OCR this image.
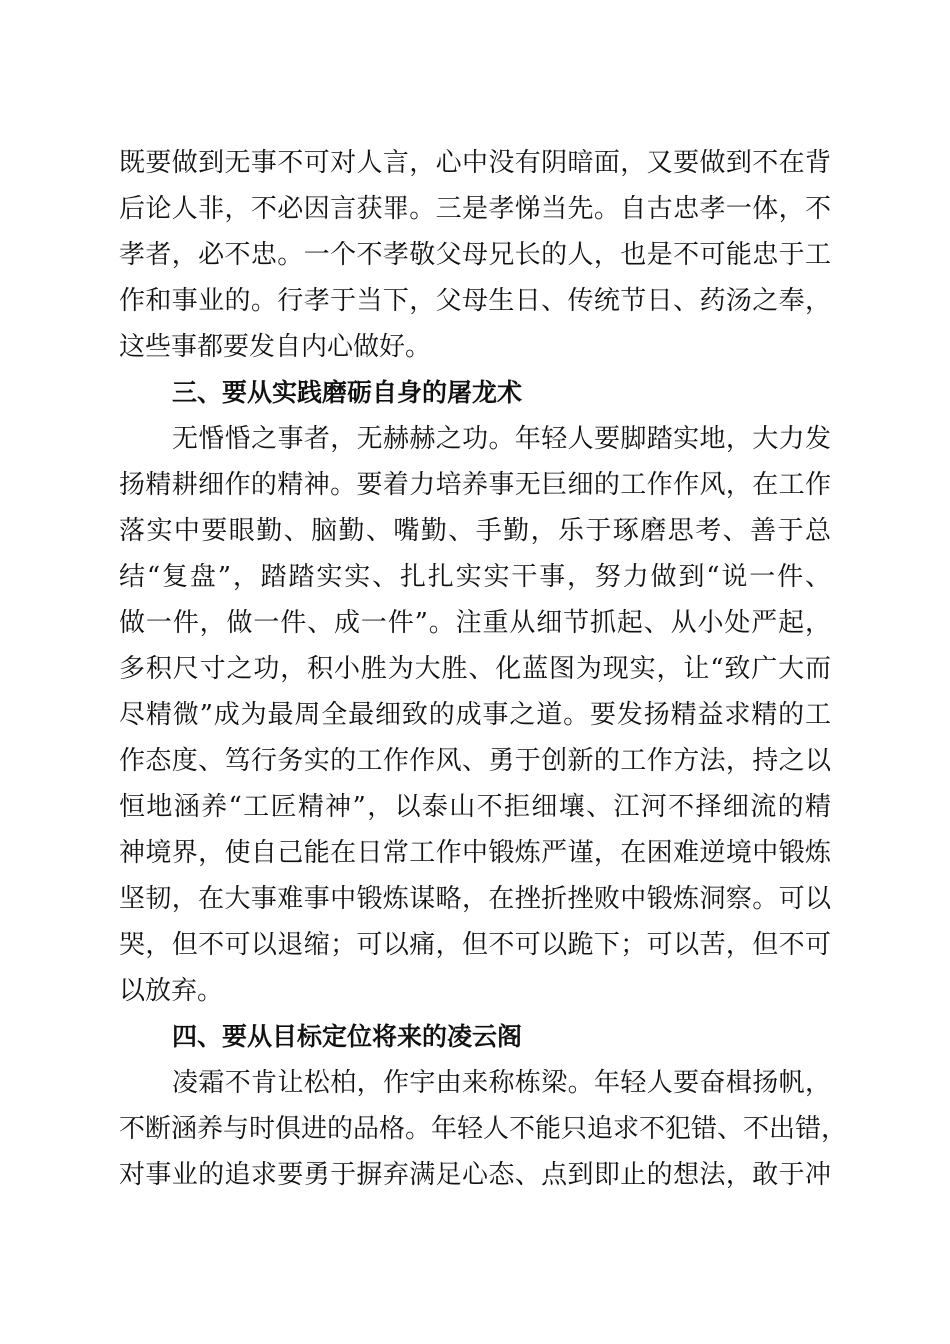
既要做到无事不可对人言，心中没有阴暗面，又要做到不在背
后论人非，不必因言获罪。三是孝悌当先。自古忠孝一体，不
孝者，必不忠。一个不孝敬父母兄长的人，也是不可能忠于工
作和事业的。行孝于当下，父母生日、传统节日、药汤之奉，
这些事都要发自内心做好。
三、要从实践磨砺自身的屠龙术
无惛惛之事者，无赫赫之功。年轻人要脚踏实地，大力发
扬精耕细作的精神。要着力培养事无巨细的工作作风，在工作
落实中要眼勤、脑勤、嘴勤、手勤，乐于琢磨思考、善于总
结“复盘”，踏踏实实、扎扎实实干事，努力做到“说一件、
做一件，做一件、成一件”。注重从细节抓起、从小处严起，
多积尺寸之功，积小胜为大胜、化蓝图为现实，让“致广大而
尽精微”成为最周全最细致的成事之道。要发扬精益求精的工
作态度、笃行务实的工作作风、勇于创新的工作方法，持之以
恒地涵养“工匠精神”，以泰山不拒细壤、江河不择细流的精
神境界，使自己能在日常工作中锻炼严谨，在困难逆境中锻炼
坚韧，在大事难事中锻炼谋略，在挫折挫败中锻炼洞察。可以
哭，但不可以退缩；可以痛，但不可以跪下；可以苦，但不可
以放弃。
四、要从目标定位将来的凌云阁
凌霜不肯让松柏，作宇由来称栋梁。年轻人要奋楫扬帆，
不断涵养与时俱进的品格。年轻人不能只追求不犯错、不出错，
对事业的追求要勇于摒弃满足心态、点到即止的想法，敢于冲
